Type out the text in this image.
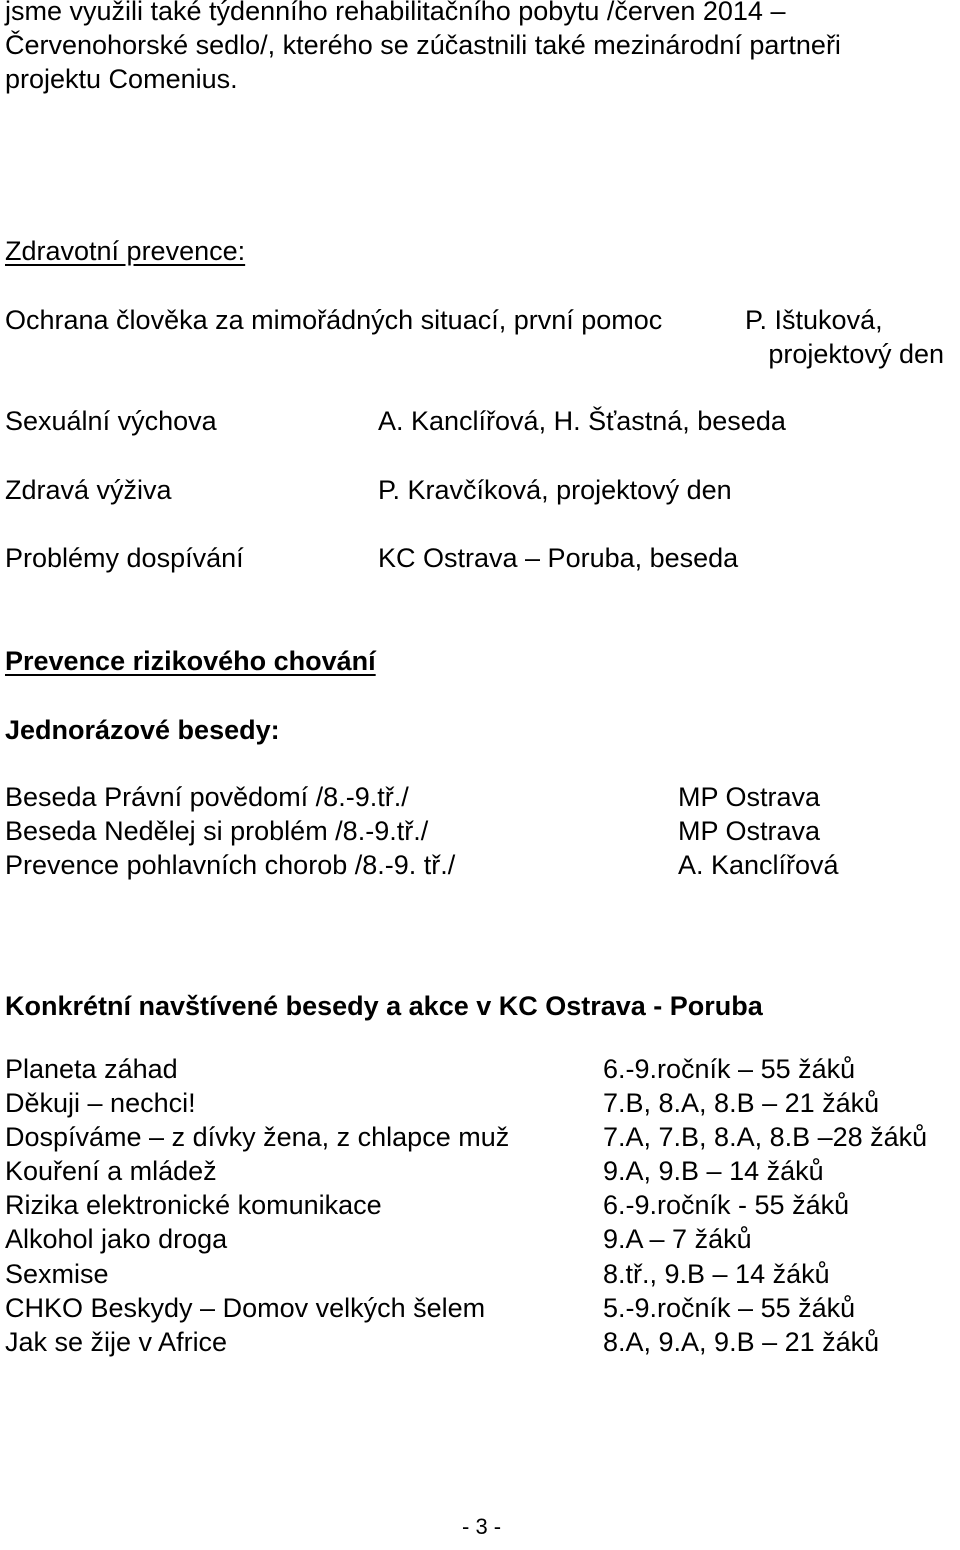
jsme využili také týdenního rehabilitačního pobytu /červen 2014 –
Červenohorské sedlo/, kterého se zúčastnili také mezinárodní partneři
projektu Comenius.
Zdravotní prevence:
Ochrana člověka za mimořádných situací, první pomoc	P. Ištuková,
projektový den
Sexuální výchova	A. Kanclířová, H. Šťastná, beseda
Zdravá výživa	P. Kravčíková, projektový den
Problémy dospívání	KC Ostrava – Poruba, beseda
Prevence rizikového chování
Jednorázové besedy:
Beseda Právní povědomí /8.-9.tř./	MP Ostrava
Beseda Nedělej si problém /8.-9.tř./	MP Ostrava
Prevence pohlavních chorob /8.-9. tř./	A. Kanclířová
Konkrétní navštívené besedy a akce v KC Ostrava - Poruba
Planeta záhad	6.-9.ročník – 55 žáků
Děkuji – nechci!	7.B, 8.A, 8.B – 21 žáků
Dospíváme – z dívky žena, z chlapce muž	7.A, 7.B, 8.A, 8.B –28 žáků
Kouření a mládež	9.A, 9.B – 14 žáků
Rizika elektronické komunikace	6.-9.ročník - 55 žáků
Alkohol jako droga	9.A – 7 žáků
Sexmise	8.tř., 9.B – 14 žáků
CHKO Beskydy – Domov velkých šelem	5.-9.ročník – 55 žáků
Jak se žije v Africe	8.A, 9.A, 9.B – 21 žáků
- 3 -
